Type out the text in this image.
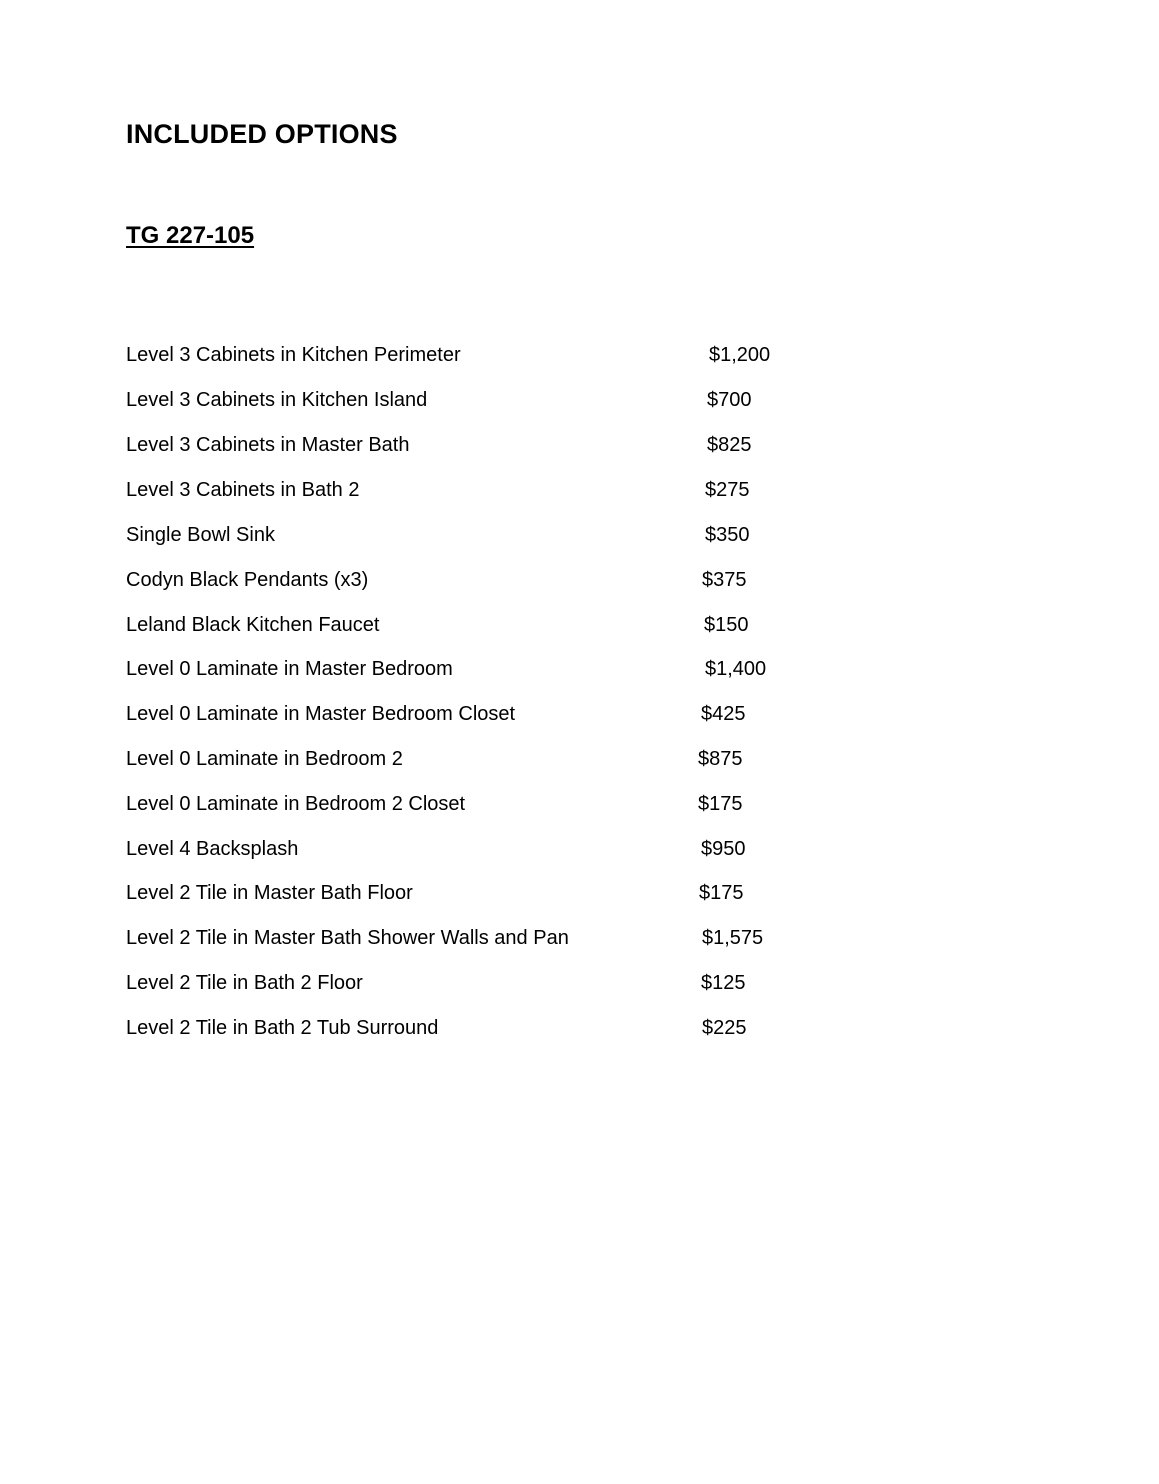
INCLUDED OPTIONS
TG 227-105
Level 3 Cabinets in Kitchen Perimeter	$1,200
Level 3 Cabinets in Kitchen Island	$700
Level 3 Cabinets in Master Bath	$825
Level 3 Cabinets in Bath 2	$275
Single Bowl Sink	$350
Codyn Black Pendants (x3)	$375
Leland Black Kitchen Faucet	$150
Level 0 Laminate in Master Bedroom	$1,400
Level 0 Laminate in Master Bedroom Closet	$425
Level 0 Laminate in Bedroom 2	$875
Level 0 Laminate in Bedroom 2 Closet	$175
Level 4 Backsplash	$950
Level 2 Tile in Master Bath Floor	$175
Level 2 Tile in Master Bath Shower Walls and Pan	$1,575
Level 2 Tile in Bath 2 Floor	$125
Level 2 Tile in Bath 2 Tub Surround	$225
